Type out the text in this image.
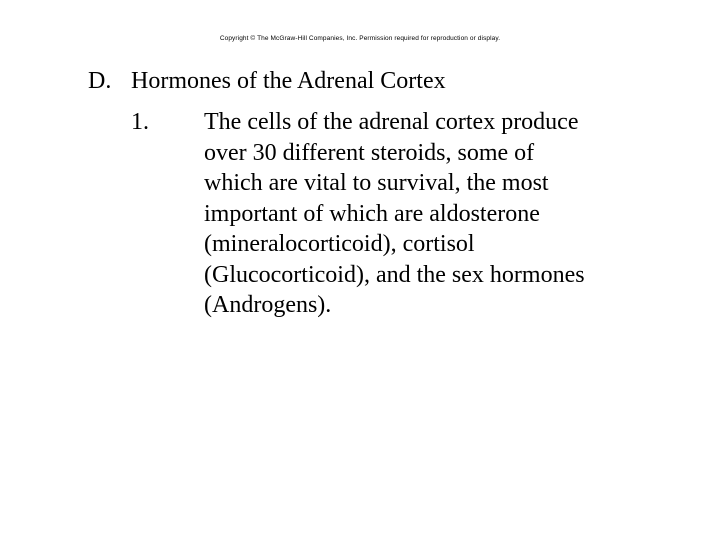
Copyright © The McGraw-Hill Companies, Inc. Permission required for reproduction or display.
D. Hormones of the Adrenal Cortex
1. The cells of the adrenal cortex produce
over 30 different steroids, some of
which are vital to survival, the most
important of which are aldosterone
(mineralocorticoid), cortisol
(Glucocorticoid), and the sex hormones
(Androgens).
